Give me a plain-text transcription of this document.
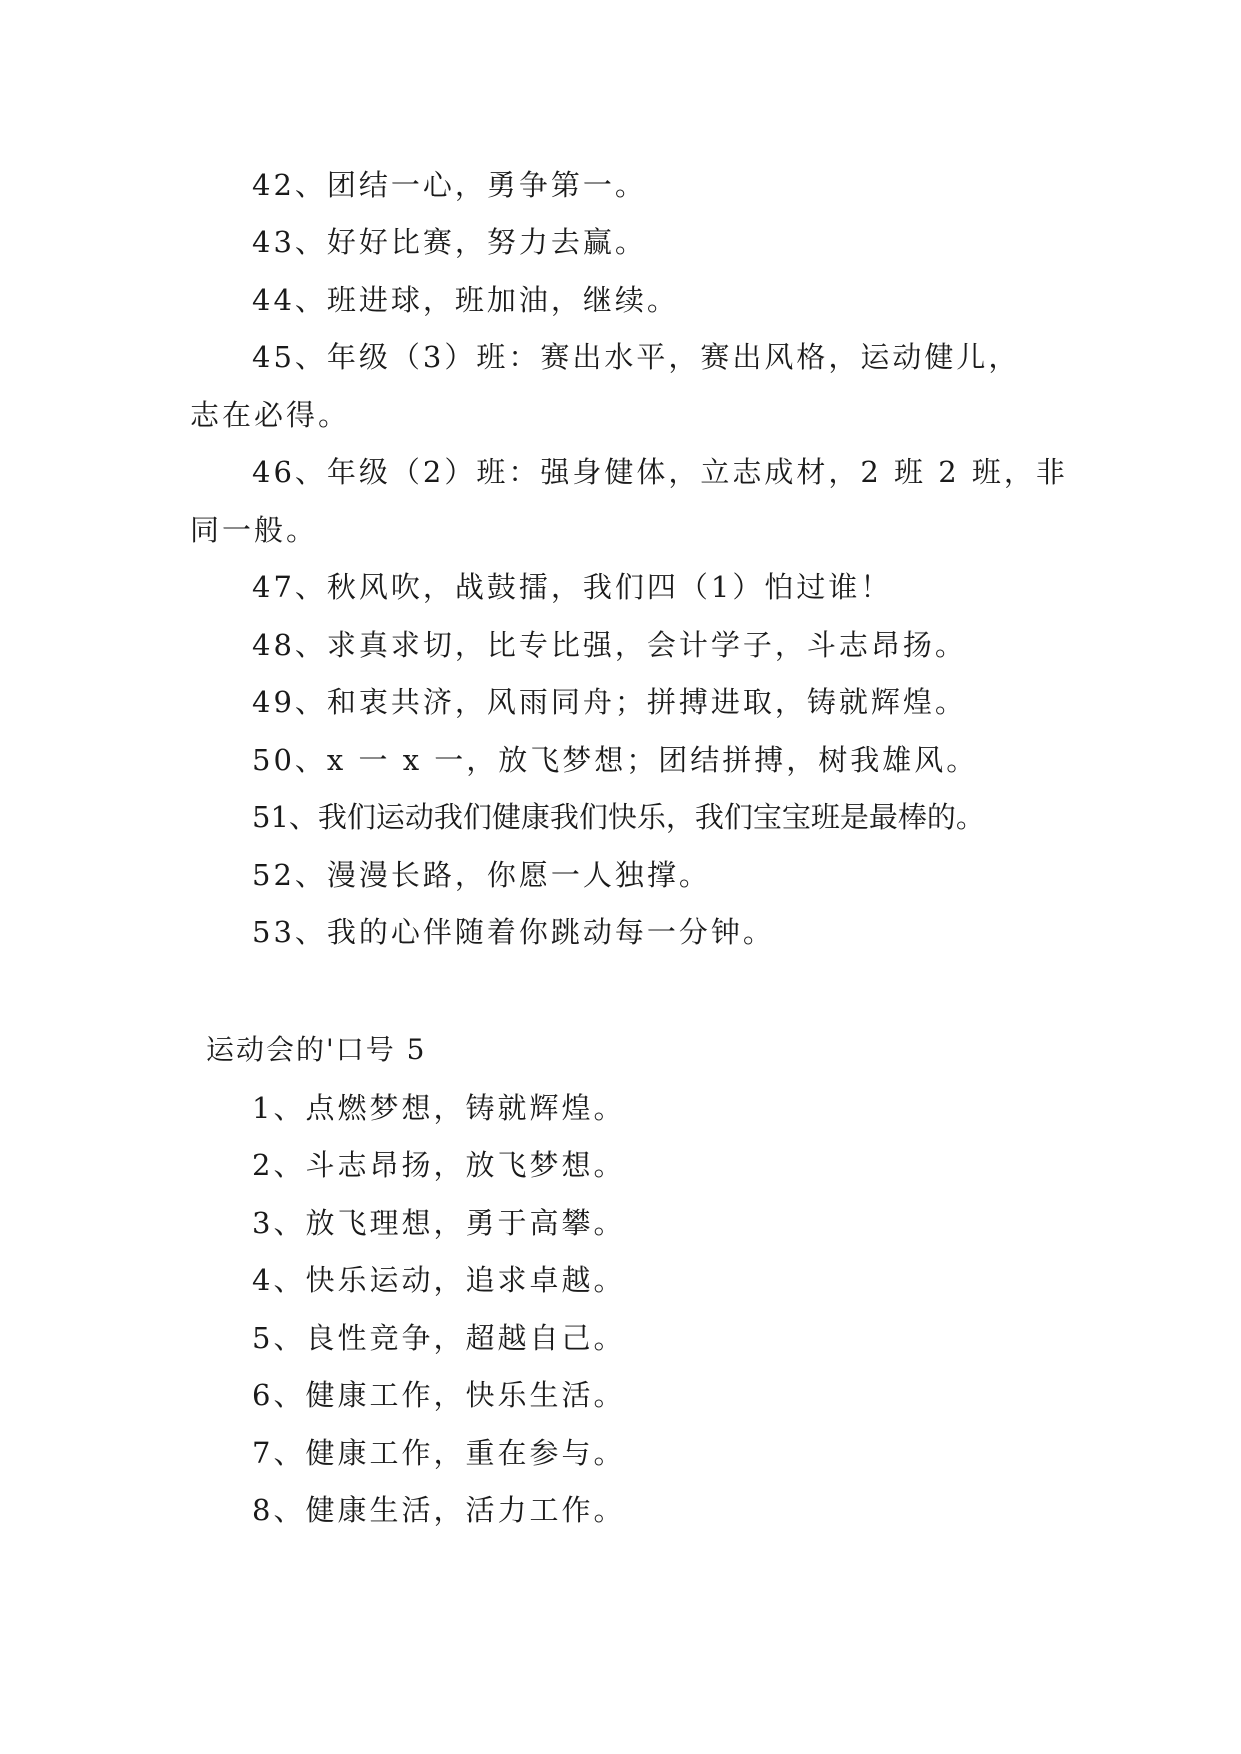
42、团结一心，勇争第一。
43、好好比赛，努力去赢。
44、班进球，班加油，继续。
45、年级（3）班：赛出水平，赛出风格，运动健儿，
志在必得。
46、年级（2）班：强身健体，立志成材，2 班 2 班，非
同一般。
47、秋风吹，战鼓擂，我们四（1）怕过谁！
48、求真求切，比专比强，会计学子，斗志昂扬。
49、和衷共济，风雨同舟；拼搏进取，铸就辉煌。
50、x 一 x 一，放飞梦想；团结拼搏，树我雄风。
51、我们运动我们健康我们快乐，我们宝宝班是最棒的。
52、漫漫长路，你愿一人独撑。
53、我的心伴随着你跳动每一分钟。
运动会的'口号 5
1、点燃梦想，铸就辉煌。
2、斗志昂扬，放飞梦想。
3、放飞理想，勇于高攀。
4、快乐运动，追求卓越。
5、良性竞争，超越自己。
6、健康工作，快乐生活。
7、健康工作，重在参与。
8、健康生活，活力工作。
